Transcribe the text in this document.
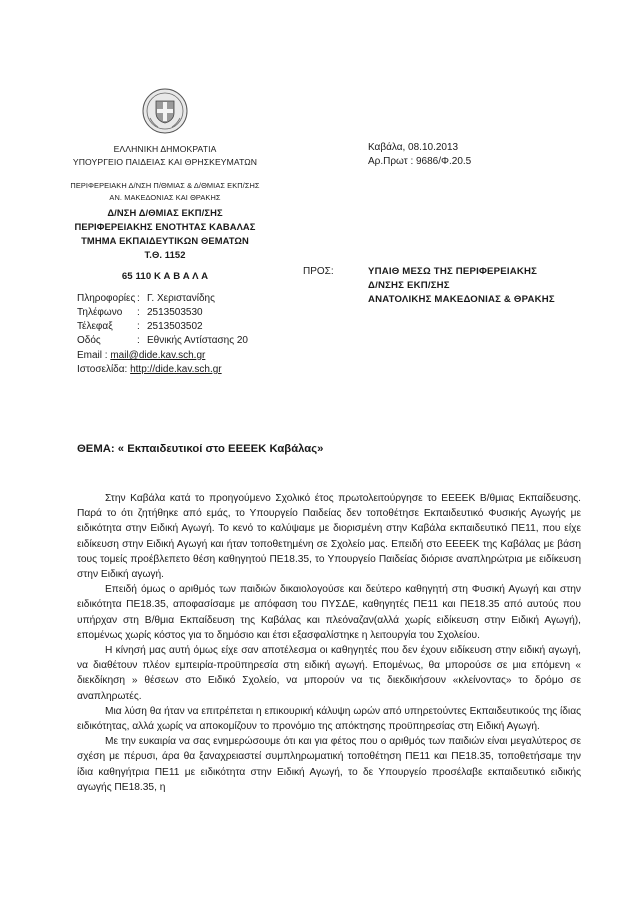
ΕΛΛΗΝΙΚΗ ΔΗΜΟΚΡΑΤΙΑ
ΥΠΟΥΡΓΕΙΟ ΠΑΙΔΕΙΑΣ ΚΑΙ ΘΡΗΣΚΕΥΜΑΤΩΝ
ΠΕΡΙΦΕΡΕΙΑΚΗ Δ/ΝΣΗ Π/ΘΜΙΑΣ & Δ/ΘΜΙΑΣ ΕΚΠ/ΣΗΣ
ΑΝ. ΜΑΚΕΔΟΝΙΑΣ ΚΑΙ ΘΡΑΚΗΣ
Δ/ΝΣΗ Δ/ΘΜΙΑΣ ΕΚΠ/ΣΗΣ
ΠΕΡΙΦΕΡΕΙΑΚΗΣ ΕΝΟΤΗΤΑΣ ΚΑΒΑΛΑΣ
ΤΜΗΜΑ ΕΚΠΑΙΔΕΥΤΙΚΩΝ ΘΕΜΑΤΩΝ
Τ.Θ. 1152
65 110 Κ Α Β Α Λ Α
Καβάλα, 08.10.2013
Αρ.Πρωτ : 9686/Φ.20.5
ΠΡΟΣ:	ΥΠΑΙΘ ΜΕΣΩ ΤΗΣ ΠΕΡΙΦΕΡΕΙΑΚΗΣ
Δ/ΝΣΗΣ ΕΚΠ/ΣΗΣ
ΑΝΑΤΟΛΙΚΗΣ ΜΑΚΕΔΟΝΙΑΣ & ΘΡΑΚΗΣ
Πληροφορίες : Γ. Χεριστανίδης
Τηλέφωνο : 2513503530
Τέλεφαξ : 2513503502
Οδός	: Εθνικής Αντίστασης 20
Email : mail@dide.kav.sch.gr
Ιστοσελίδα: http://dide.kav.sch.gr
ΘΕΜΑ: « Εκπαιδευτικοί στο ΕΕΕΕΚ Καβάλας»

Στην Καβάλα κατά το προηγούμενο Σχολικό έτος πρωτολειτούργησε το ΕΕΕΕΚ Β/θμιας Εκπαίδευσης. Παρά το ότι ζητήθηκε από εμάς, το Υπουργείο Παιδείας δεν τοποθέτησε Εκπαιδευτικό Φυσικής Αγωγής με ειδικότητα στην Ειδική Αγωγή. Το κενό το καλύψαμε με διορισμένη στην Καβάλα εκπαιδευτικό ΠΕ11, που είχε ειδίκευση στην Ειδική Αγωγή και ήταν τοποθετημένη σε Σχολείο μας. Επειδή στο ΕΕΕΕΚ της Καβάλας με βάση τους τομείς προέβλεπετο θέση καθηγητού ΠΕ18.35, το Υπουργείο Παιδείας διόρισε αναπληρώτρια με ειδίκευση στην Ειδική αγωγή.

Επειδή όμως ο αριθμός των παιδιών δικαιολογούσε και δεύτερο καθηγητή στη Φυσική Αγωγή και στην ειδικότητα ΠΕ18.35, αποφασίσαμε με απόφαση του ΠΥΣΔΕ, καθηγητές ΠΕ11 και ΠΕ18.35 από αυτούς που υπήρχαν στη Β/θμια Εκπαίδευση της Καβάλας και πλεόναζαν(αλλά χωρίς ειδίκευση στην Ειδική Αγωγή), επομένως χωρίς κόστος για το δημόσιο και έτσι εξασφαλίστηκε η λειτουργία του Σχολείου.

Η κίνησή μας αυτή όμως είχε σαν αποτέλεσμα οι καθηγητές που δεν έχουν ειδίκευση στην ειδική αγωγή, να διαθέτουν πλέον εμπειρία-προϋπηρεσία στη ειδική αγωγή. Επομένως, θα μπορούσε σε μια επόμενη « διεκδίκηση » θέσεων στο Ειδικό Σχολείο, να μπορούν να τις διεκδικήσουν «κλείνοντας» το δρόμο σε αναπληρωτές.

Μια λύση θα ήταν να επιτρέπεται η επικουρική κάλυψη ωρών από υπηρετούντες Εκπαιδευτικούς της ίδιας ειδικότητας, αλλά χωρίς να αποκομίζουν το προνόμιο της απόκτησης προϋπηρεσίας στη Ειδική Αγωγή.

Με την ευκαιρία να σας ενημερώσουμε ότι και για φέτος που ο αριθμός των παιδιών είναι μεγαλύτερος σε σχέση με πέρυσι, άρα θα ξαναχρειαστεί συμπληρωματική τοποθέτηση ΠΕ11 και ΠΕ18.35, τοποθετήσαμε την ίδια καθηγήτρια ΠΕ11 με ειδικότητα στην Ειδική Αγωγή, το δε Υπουργείο προσέλαβε εκπαιδευτικό ειδικής αγωγής ΠΕ18.35, η
